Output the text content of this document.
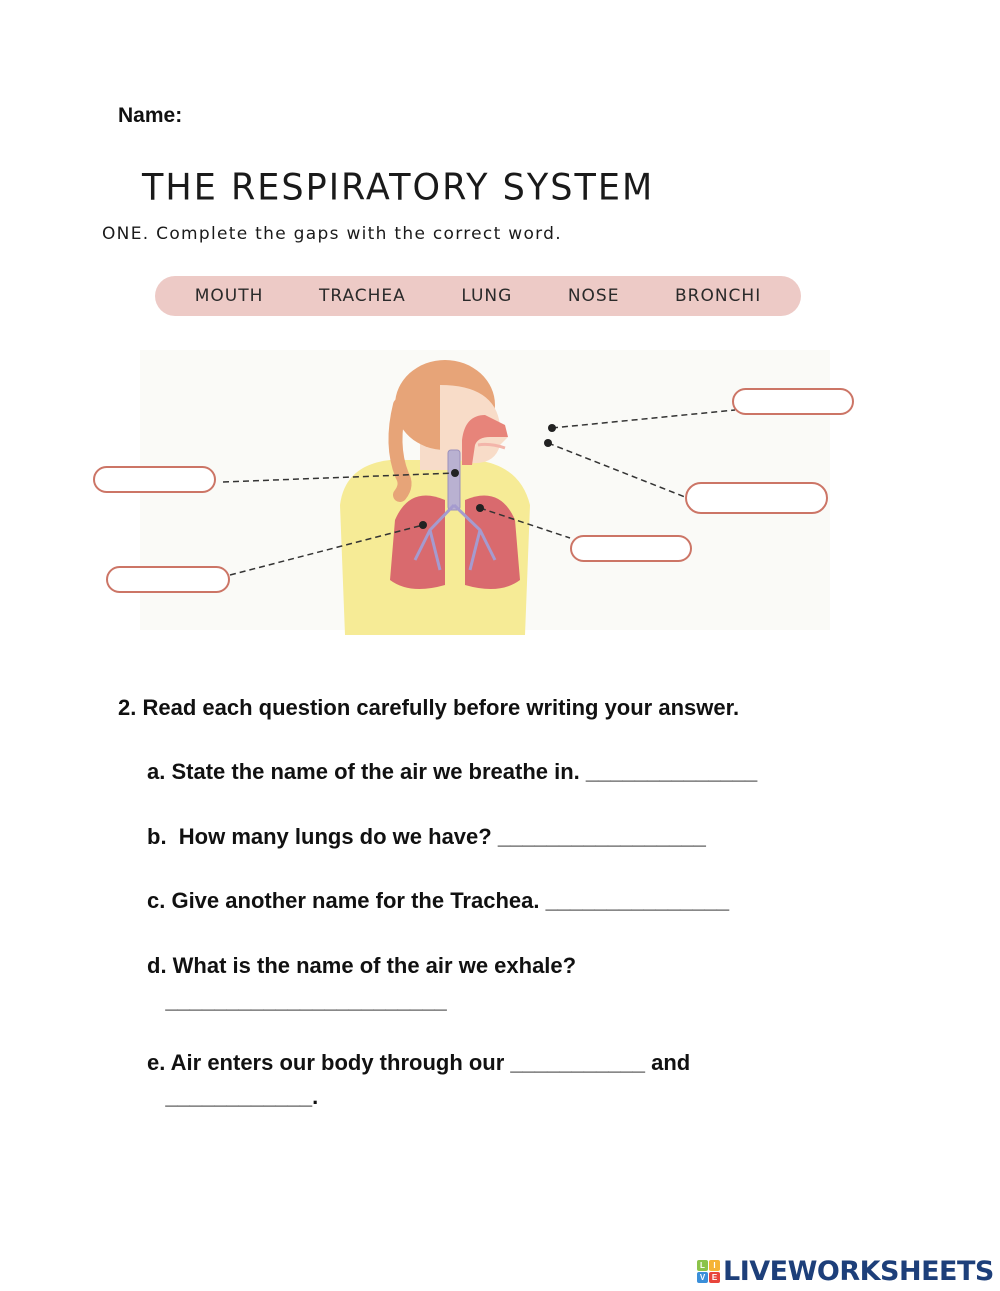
Name:
THE RESPIRATORY SYSTEM
ONE. Complete the gaps with the correct word.
MOUTH	TRACHEA	LUNG	NOSE	BRONCHI
2. Read each question carefully before writing your answer.
a. State the name of the air we breathe in. ______________
b.  How many lungs do we have? _________________
c. Give another name for the Trachea. _______________
d. What is the name of the air we exhale?
_______________________
e. Air enters our body through our ___________ and
____________.
L	I
V E LIVEWORKSHEETS
